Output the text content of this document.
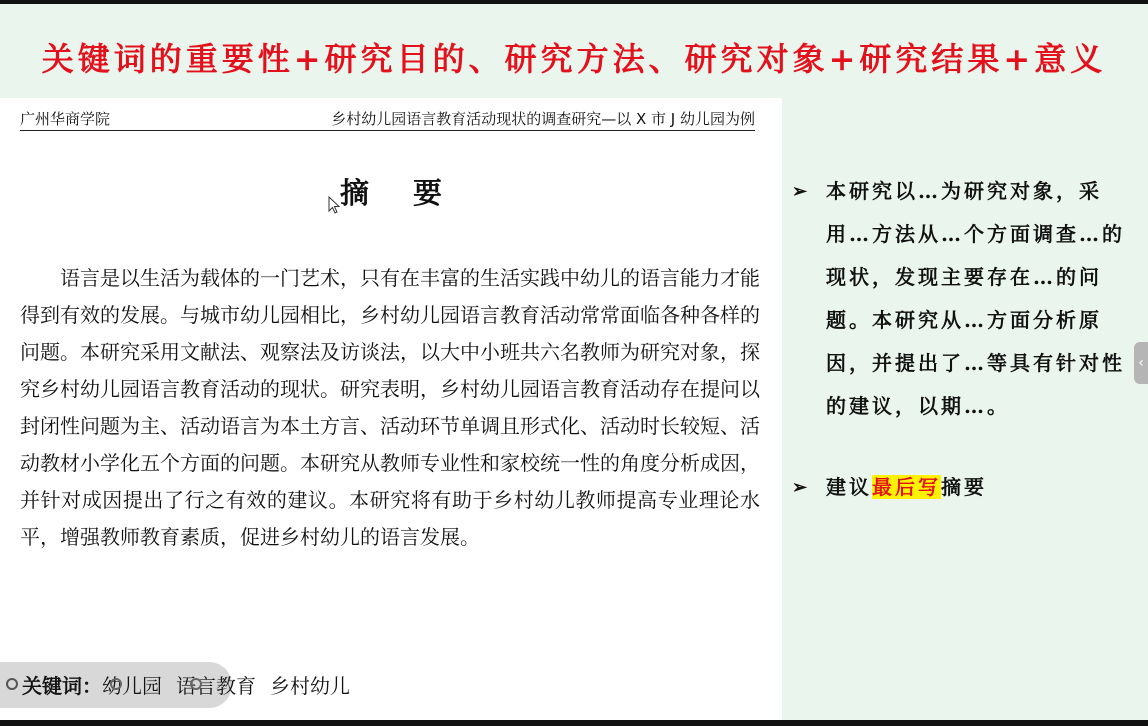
关键词的重要性+研究目的、研究方法、研究对象+研究结果+意义
广州华商学院	乡村幼儿园语言教育活动现状的调查研究—以 X 市 J 幼儿园为例
摘要
语言是以生活为载体的一门艺术，只有在丰富的生活实践中幼儿的语言能力才能得到有效的发展。与城市幼儿园相比，乡村幼儿园语言教育活动常常面临各种各样的问题。本研究采用文献法、观察法及访谈法，以大中小班共六名教师为研究对象，探究乡村幼儿园语言教育活动的现状。研究表明，乡村幼儿园语言教育活动存在提问以封闭性问题为主、活动语言为本土方言、活动环节单调且形式化、活动时长较短、活动教材小学化五个方面的问题。本研究从教师专业性和家校统一性的角度分析成因，并针对成因提出了行之有效的建议。本研究将有助于乡村幼儿教师提高专业理论水平，增强教师教育素质，促进乡村幼儿的语言发展。
关键词：幼儿园 语言教育 乡村幼儿
‹
➢ 本研究以…为研究对象，采用…方法从…个方面调查…的现状，发现主要存在…的问题。本研究从…方面分析原因，并提出了…等具有针对性的建议，以期…。
➢ 建议最后写摘要
